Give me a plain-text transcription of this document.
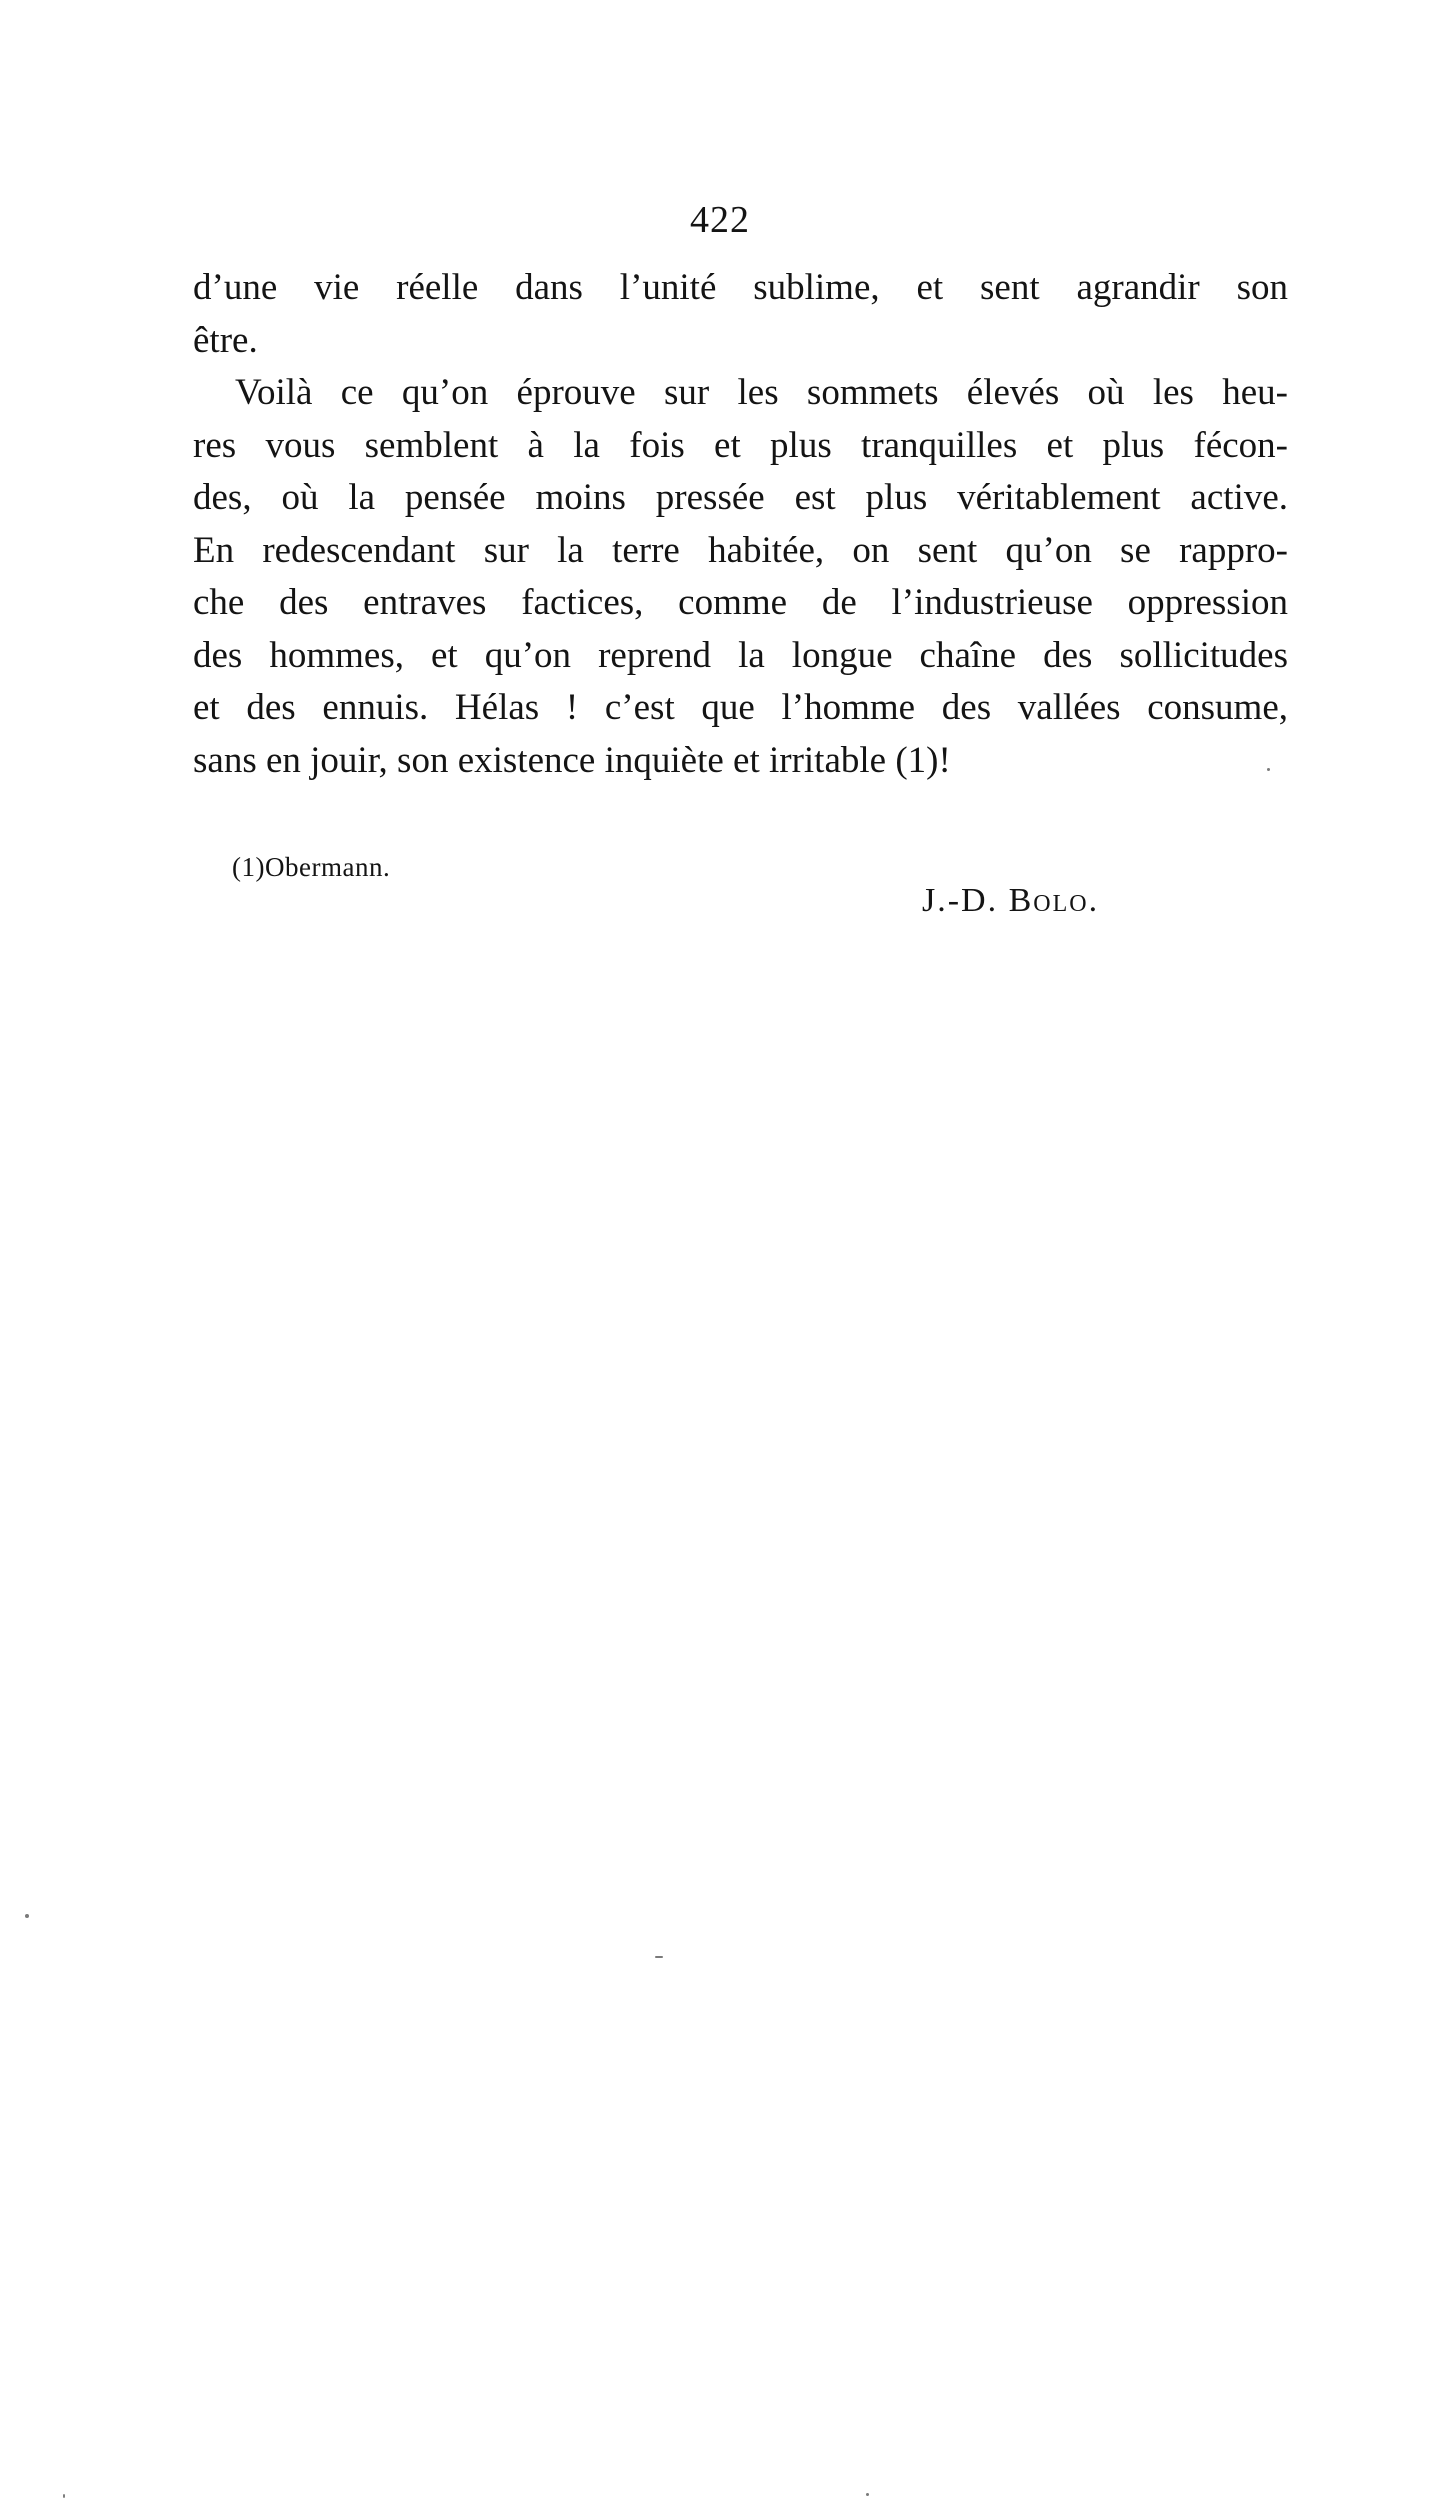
422
d’une vie réelle dans l’unité sublime, et sent agrandir son
être.
Voilà ce qu’on éprouve sur les sommets élevés où les heu-
res vous semblent à la fois et plus tranquilles et plus fécon-
des, où la pensée moins pressée est plus véritablement active.
En redescendant sur la terre habitée, on sent qu’on se rappro-
che des entraves factices, comme de l’industrieuse oppression
des hommes, et qu’on reprend la longue chaîne des sollicitudes
et des ennuis. Hélas ! c’est que l’homme des vallées consume,
sans en jouir, son existence inquiète et irritable (1)!
(1)Obermann.
J.-D. Bolo.
